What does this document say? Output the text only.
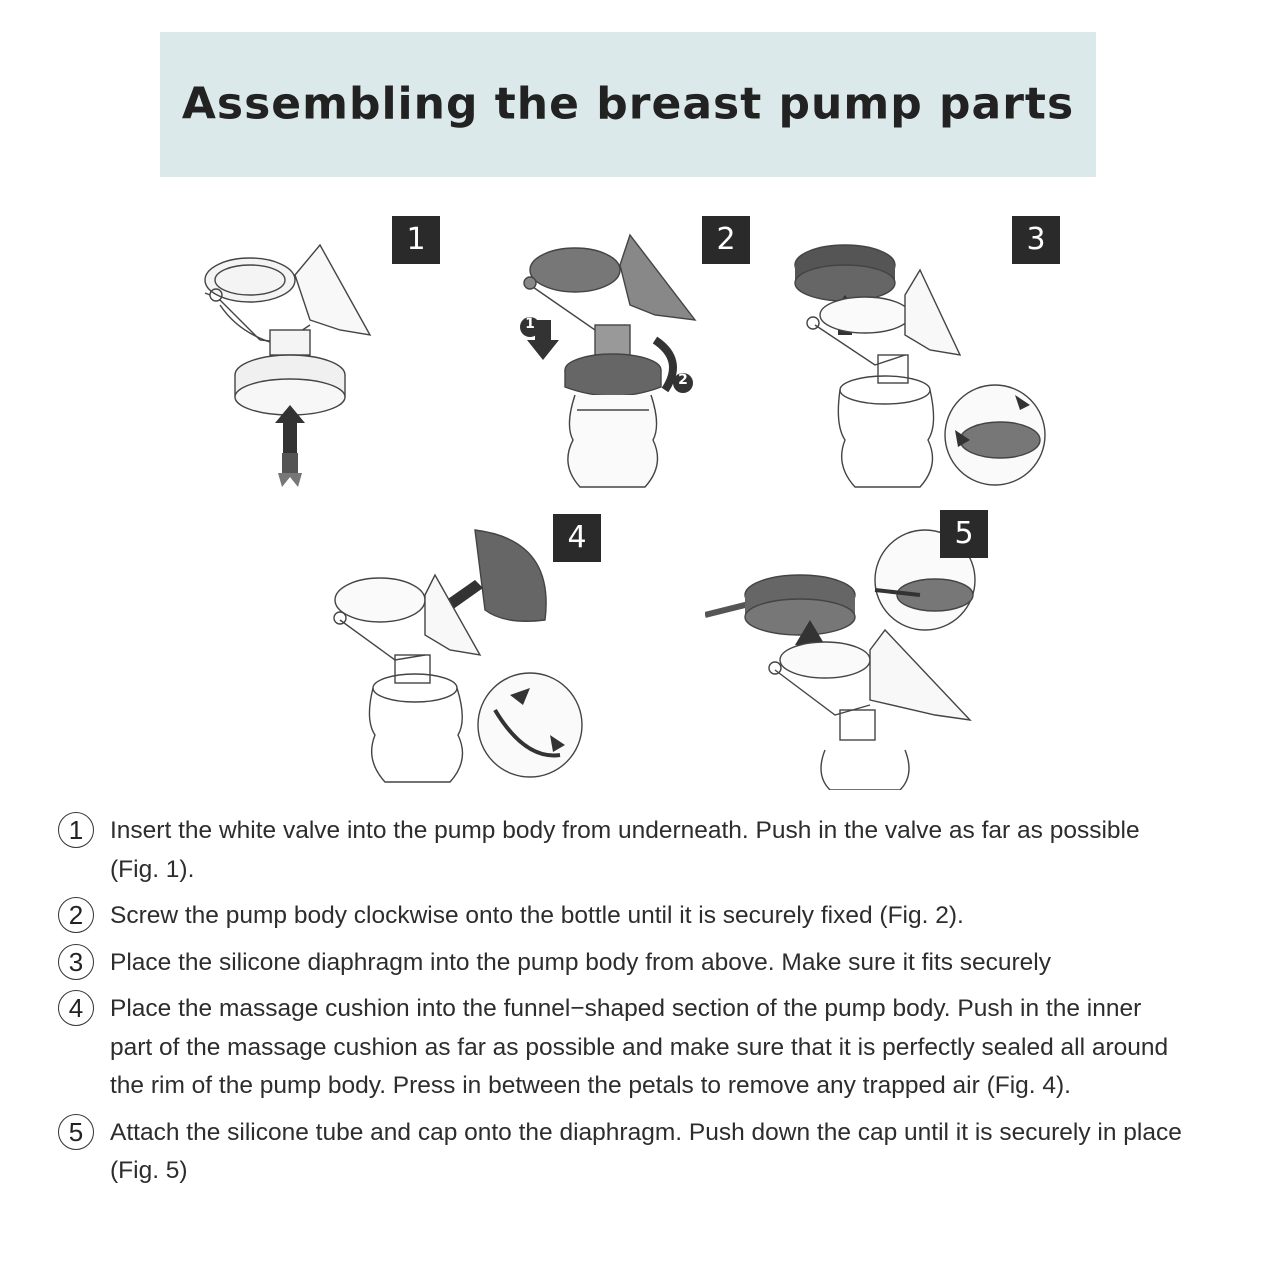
Assembling the breast pump parts
1
1
2
2	3
4	5
1	Insert the white valve into the pump body from underneath. Push in the valve as far as possible (Fig. 1).
2	Screw the pump body clockwise onto the bottle until it is securely fixed (Fig. 2).
3	Place the silicone diaphragm into the pump body from above. Make sure it fits securely
4	Place the massage cushion into the funnel−shaped section of the pump body. Push in the inner part of the massage cushion as far as possible and make sure that it is perfectly sealed all around the rim of the pump body. Press in between the petals to remove any trapped air (Fig. 4).
5	Attach the silicone tube and cap onto the diaphragm. Push down the cap until it is securely in place (Fig. 5)
